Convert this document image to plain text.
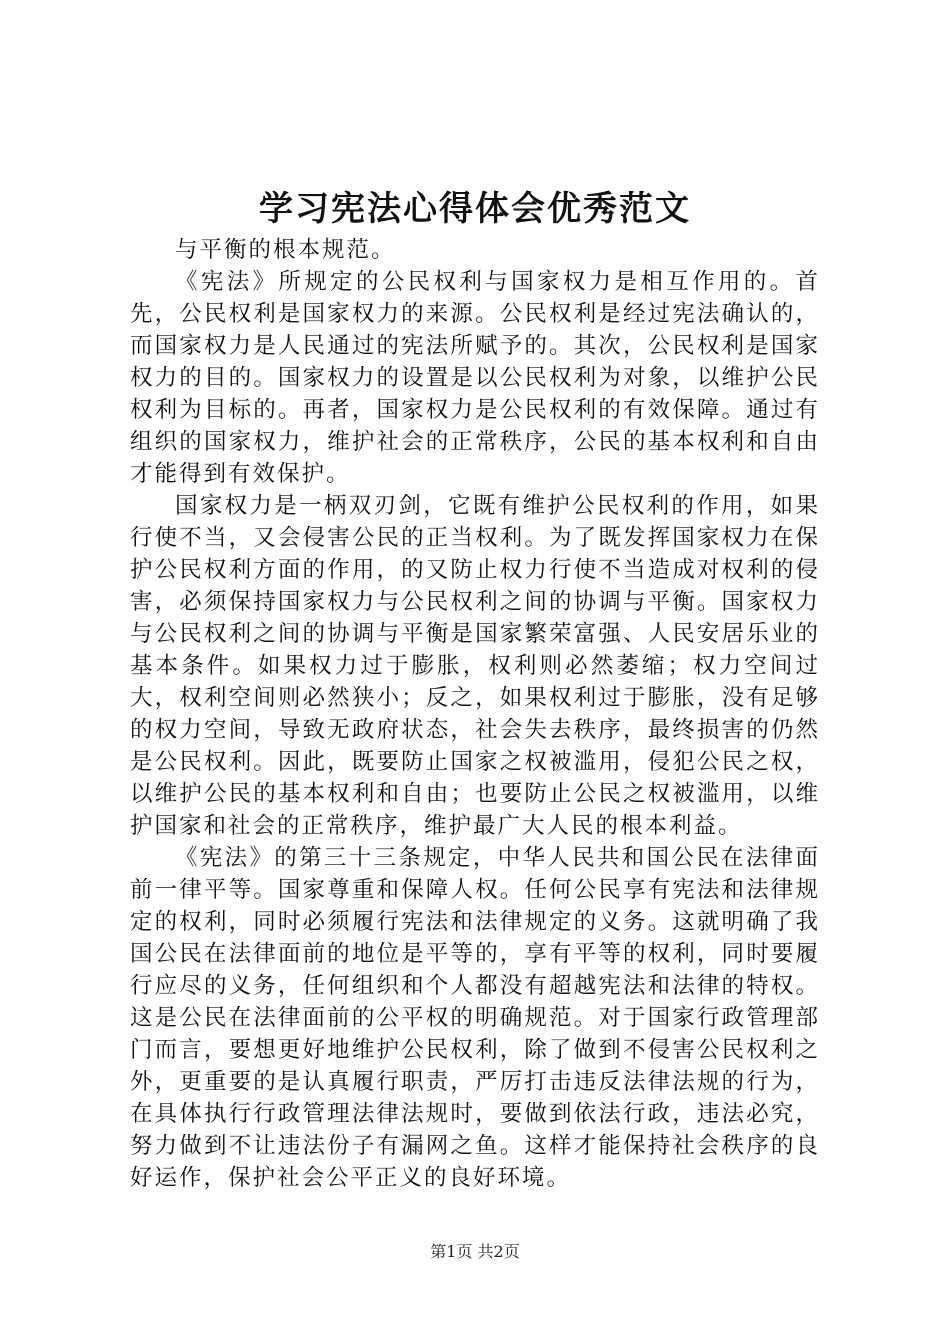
学习宪法心得体会优秀范文

与平衡的根本规范。

《宪法》所规定的公民权利与国家权力是相互作用的。首先，公民权利是国家权力的来源。公民权利是经过宪法确认的，而国家权力是人民通过的宪法所赋予的。其次，公民权利是国家权力的目的。国家权力的设置是以公民权利为对象，以维护公民权利为目标的。再者，国家权力是公民权利的有效保障。通过有组织的国家权力，维护社会的正常秩序，公民的基本权利和自由才能得到有效保护。

国家权力是一柄双刃剑，它既有维护公民权利的作用，如果行使不当，又会侵害公民的正当权利。为了既发挥国家权力在保护公民权利方面的作用，的又防止权力行使不当造成对权利的侵害，必须保持国家权力与公民权利之间的协调与平衡。国家权力与公民权利之间的协调与平衡是国家繁荣富强、人民安居乐业的基本条件。如果权力过于膨胀，权利则必然萎缩；权力空间过大，权利空间则必然狭小；反之，如果权利过于膨胀，没有足够的权力空间，导致无政府状态，社会失去秩序，最终损害的仍然是公民权利。因此，既要防止国家之权被滥用，侵犯公民之权，以维护公民的基本权利和自由；也要防止公民之权被滥用，以维护国家和社会的正常秩序，维护最广大人民的根本利益。

《宪法》的第三十三条规定，中华人民共和国公民在法律面前一律平等。国家尊重和保障人权。任何公民享有宪法和法律规定的权利，同时必须履行宪法和法律规定的义务。这就明确了我国公民在法律面前的地位是平等的，享有平等的权利，同时要履行应尽的义务，任何组织和个人都没有超越宪法和法律的特权。这是公民在法律面前的公平权的明确规范。对于国家行政管理部门而言，要想更好地维护公民权利，除了做到不侵害公民权利之外，更重要的是认真履行职责，严厉打击违反法律法规的行为，在具体执行行政管理法律法规时，要做到依法行政，违法必究，努力做到不让违法份子有漏网之鱼。这样才能保持社会秩序的良好运作，保护社会公平正义的良好环境。

第1页 共2页
